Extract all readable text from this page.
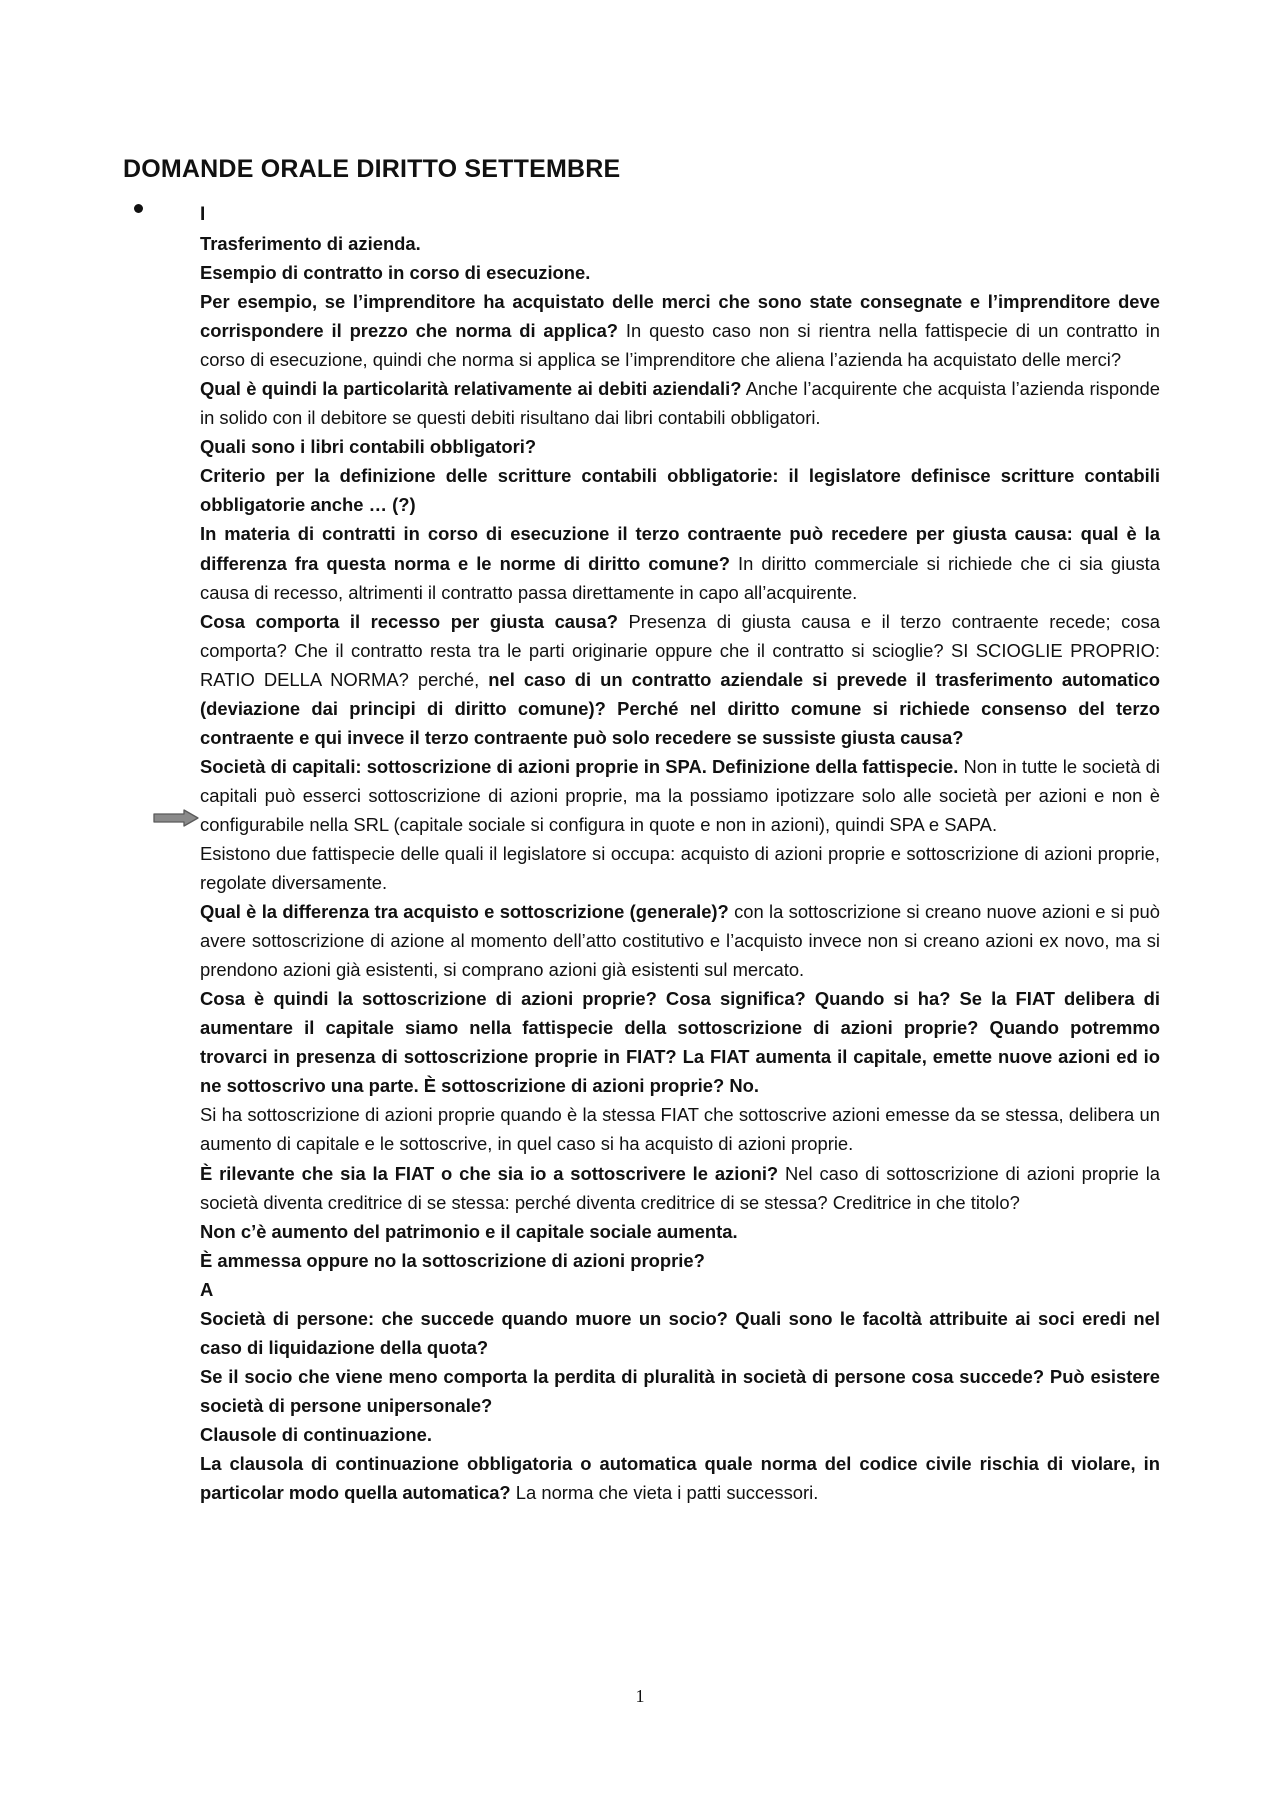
DOMANDE ORALE DIRITTO SETTEMBRE
I

Trasferimento di azienda.

Esempio di contratto in corso di esecuzione.

Per esempio, se l’imprenditore ha acquistato delle merci che sono state consegnate e l’imprenditore deve corrispondere il prezzo che norma di applica? In questo caso non si rientra nella fattispecie di un contratto in corso di esecuzione, quindi che norma si applica se l’imprenditore che aliena l’azienda ha acquistato delle merci?

Qual è quindi la particolarità relativamente ai debiti aziendali? Anche l’acquirente che acquista l’azienda risponde in solido con il debitore se questi debiti risultano dai libri contabili obbligatori.

Quali sono i libri contabili obbligatori?

Criterio per la definizione delle scritture contabili obbligatorie: il legislatore definisce scritture contabili obbligatorie anche … (?)

In materia di contratti in corso di esecuzione il terzo contraente può recedere per giusta causa: qual è la differenza fra questa norma e le norme di diritto comune? In diritto commerciale si richiede che ci sia giusta causa di recesso, altrimenti il contratto passa direttamente in capo all’acquirente.

Cosa comporta il recesso per giusta causa? Presenza di giusta causa e il terzo contraente recede; cosa comporta? Che il contratto resta tra le parti originarie oppure che il contratto si scioglie? SI SCIOGLIE PROPRIO: RATIO DELLA NORMA? perché, nel caso di un contratto aziendale si prevede il trasferimento automatico (deviazione dai principi di diritto comune)? Perché nel diritto comune si richiede consenso del terzo contraente e qui invece il terzo contraente può solo recedere se sussiste giusta causa?

Società di capitali: sottoscrizione di azioni proprie in SPA. Definizione della fattispecie. Non in tutte le società di capitali può esserci sottoscrizione di azioni proprie, ma la possiamo ipotizzare solo alle società per azioni e non è configurabile nella SRL (capitale sociale si configura in quote e non in azioni), quindi SPA e SAPA.

Esistono due fattispecie delle quali il legislatore si occupa: acquisto di azioni proprie e sottoscrizione di azioni proprie, regolate diversamente.

Qual è la differenza tra acquisto e sottoscrizione (generale)? con la sottoscrizione si creano nuove azioni e si può avere sottoscrizione di azione al momento dell’atto costitutivo e l’acquisto invece non si creano azioni ex novo, ma si prendono azioni già esistenti, si comprano azioni già esistenti sul mercato.

Cosa è quindi la sottoscrizione di azioni proprie? Cosa significa? Quando si ha? Se la FIAT delibera di aumentare il capitale siamo nella fattispecie della sottoscrizione di azioni proprie? Quando potremmo trovarci in presenza di sottoscrizione proprie in FIAT? La FIAT aumenta il capitale, emette nuove azioni ed io ne sottoscrivo una parte. È sottoscrizione di azioni proprie? No.

Si ha sottoscrizione di azioni proprie quando è la stessa FIAT che sottoscrive azioni emesse da se stessa, delibera un aumento di capitale e le sottoscrive, in quel caso si ha acquisto di azioni proprie.

È rilevante che sia la FIAT o che sia io a sottoscrivere le azioni? Nel caso di sottoscrizione di azioni proprie la società diventa creditrice di se stessa: perché diventa creditrice di se stessa? Creditrice in che titolo?

Non c’è aumento del patrimonio e il capitale sociale aumenta.

È ammessa oppure no la sottoscrizione di azioni proprie?

A

Società di persone: che succede quando muore un socio? Quali sono le facoltà attribuite ai soci eredi nel caso di liquidazione della quota?

Se il socio che viene meno comporta la perdita di pluralità in società di persone cosa succede? Può esistere società di persone unipersonale?

Clausole di continuazione.

La clausola di continuazione obbligatoria o automatica quale norma del codice civile rischia di violare, in particolar modo quella automatica? La norma che vieta i patti successori.

1
